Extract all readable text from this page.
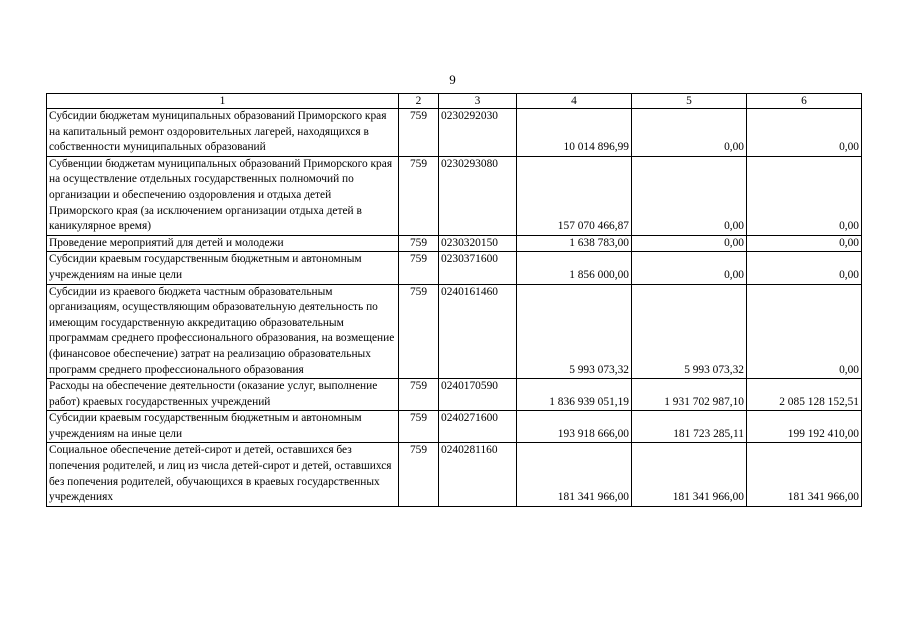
9
1	2	3	4	5	6
Субсидии бюджетам муниципальных образований Приморского края на капитальный ремонт оздоровительных лагерей, находящихся в собственности муниципальных образований	759	0230292030	10 014 896,99	0,00	0,00
Субвенции бюджетам муниципальных образований Приморского края на осуществление отдельных государственных полномочий по организации и обеспечению оздоровления и отдыха детей Приморского края (за исключением организации отдыха детей в каникулярное время)	759	0230293080	157 070 466,87	0,00	0,00
Проведение мероприятий для детей и молодежи	759	0230320150	1 638 783,00	0,00	0,00
Субсидии краевым государственным бюджетным и автономным учреждениям на иные цели	759	0230371600	1 856 000,00	0,00	0,00
Субсидии из краевого бюджета частным образовательным организациям, осуществляющим образовательную деятельность по имеющим государственную аккредитацию образовательным программам среднего профессионального образования, на возмещение (финансовое обеспечение) затрат на реализацию образовательных программ среднего профессионального образования	759	0240161460	5 993 073,32	5 993 073,32	0,00
Расходы на обеспечение деятельности (оказание услуг, выполнение работ) краевых государственных учреждений	759	0240170590	1 836 939 051,19	1 931 702 987,10	2 085 128 152,51
Субсидии краевым государственным бюджетным и автономным учреждениям на иные цели	759	0240271600	193 918 666,00	181 723 285,11	199 192 410,00
Социальное обеспечение детей-сирот и детей, оставшихся без попечения родителей, и лиц из числа детей-сирот и детей, оставшихся без попечения родителей, обучающихся в краевых государственных учреждениях	759	0240281160	181 341 966,00	181 341 966,00	181 341 966,00
